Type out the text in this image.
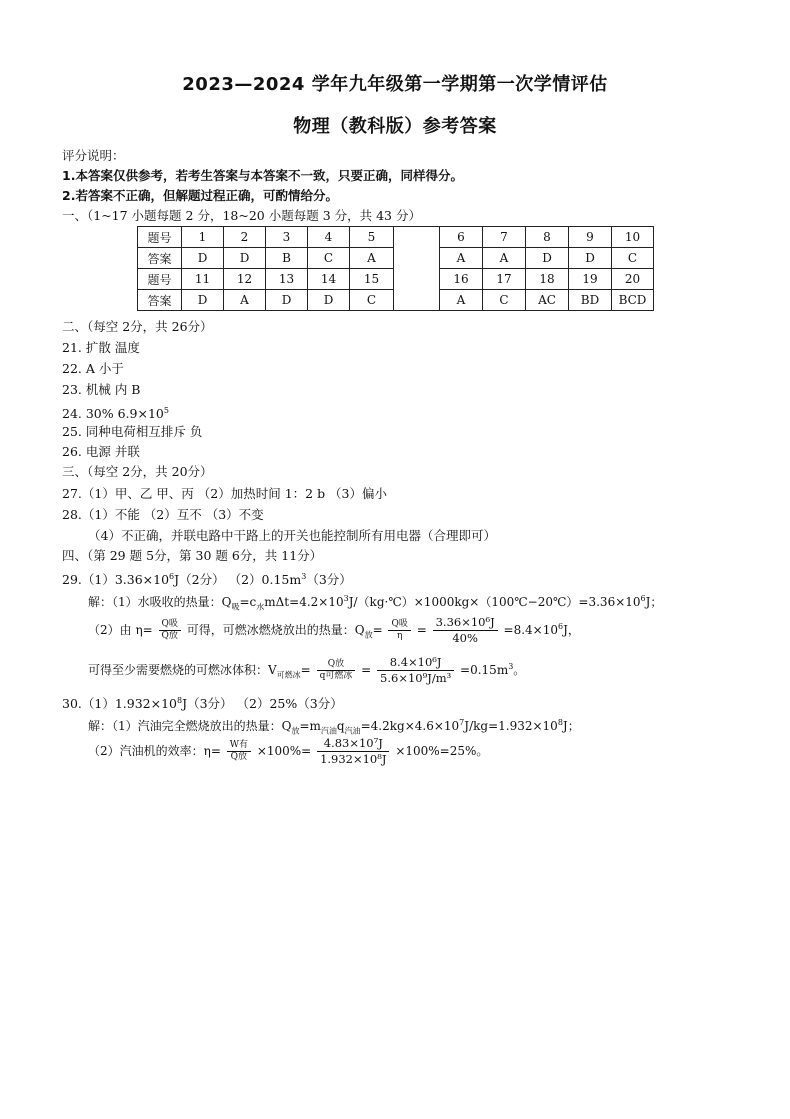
2023—2024 学年九年级第一学期第一次学情评估
物理（教科版）参考答案
评分说明：
1.本答案仅供参考，若考生答案与本答案不一致，只要正确，同样得分。
2.若答案不正确，但解题过程正确，可酌情给分。
一、（1~17 小题每题 2 分，18~20 小题每题 3 分，共 43 分）
题号	1	2	3	4	5		6	7	8	9	10
答案	D	D	B	C	A		A	A	D	D	C
题号	11	12	13	14	15		16	17	18	19	20
答案	D	A	D	D	C		A	C	AC	BD	BCD
二、（每空 2分，共 26分）
21. 扩散 温度
22. A 小于
23. 机械 内 B
24. 30% $6.9\times 10^5$
25. 同种电荷相互排斥 负
26. 电源 并联
三、（每空 2分，共 20分）
27.（1）甲、乙 甲、丙 （2）加热时间 1：2 b （3）偏小
28.（1）不能 （2）互不 （3）不变
（4）不正确，并联电路中干路上的开关也能控制所有用电器（合理即可）
四、（第 29 题 5分，第 30 题 6分，共 11分）
$29.(1)3.36\times 10^6J(2$分） $(2)0.15m^3(3$分）
解：（1）水吸收的热量：$Q_吸=c_水m\Delta t=4.2\times 10^3J/(kg\cdot℃)\times 1000kg\times(100℃-20℃)=3.36\times 10^6J$；
（2）由 $\eta= \frac{\text{Q吸}}{\text{Q放}}$ 可得，可燃冰燃烧放出的热量：$Q_放= \frac{\text{Q吸}}{\eta} = \frac{\text{3.36×10⁶J}}{40\%} =8.4\times 10^6J$，
可得至少需要燃烧的可燃冰体积：$V_{可燃冰}= \frac{\text{Q放}}{\text{q可燃冰}} = \frac{\text{8.4×10⁶J}}{\text{5.6×10⁹J/m³}} =0.15m^3$。
$30.(1)1.932\times 10^8J(3$分） （2）25%（3分）
解：（1）汽油完全燃烧放出的热量：$Q_放=m_{汽油}q_{汽油}=4.2kg\times 4.6\times 10^7J/kg=1.932\times 10^8J$；
（2）汽油机的效率：$\eta= \frac{\text{W有}}{\text{Q放}} \times 100\%= \frac{\text{4.83×10⁷J}}{\text{1.932×10⁸J}} \times 100\%=25\%$。
